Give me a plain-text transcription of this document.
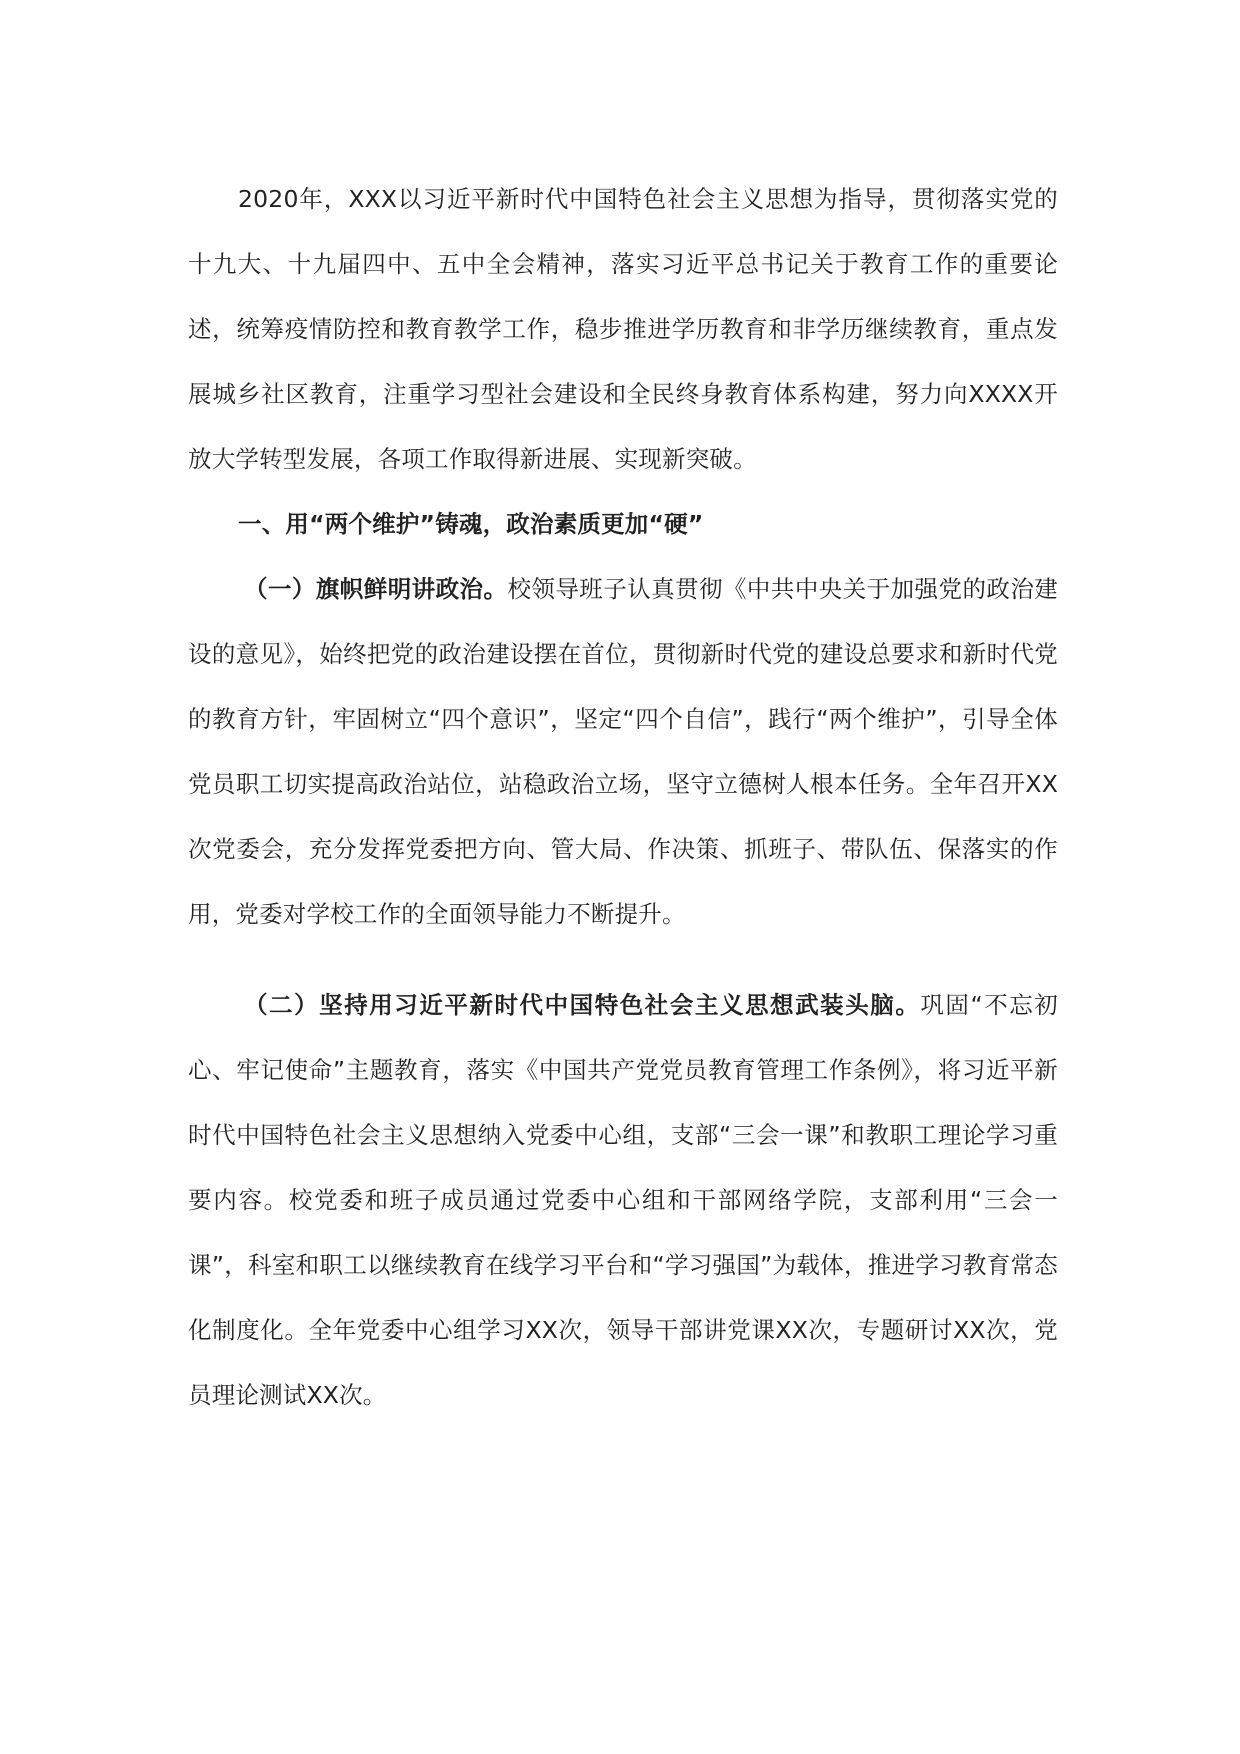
2020年，XXX以习近平新时代中国特色社会主义思想为指导，贯彻落实党的十九大、十九届四中、五中全会精神，落实习近平总书记关于教育工作的重要论述，统筹疫情防控和教育教学工作，稳步推进学历教育和非学历继续教育，重点发展城乡社区教育，注重学习型社会建设和全民终身教育体系构建，努力向XXXX开放大学转型发展，各项工作取得新进展、实现新突破。

一、用“两个维护”铸魂，政治素质更加“硬”

（一）旗帜鲜明讲政治。校领导班子认真贯彻《中共中央关于加强党的政治建设的意见》，始终把党的政治建设摆在首位，贯彻新时代党的建设总要求和新时代党的教育方针，牢固树立“四个意识”，坚定“四个自信”，践行“两个维护”，引导全体党员职工切实提高政治站位，站稳政治立场，坚守立德树人根本任务。全年召开XX次党委会，充分发挥党委把方向、管大局、作决策、抓班子、带队伍、保落实的作用，党委对学校工作的全面领导能力不断提升。

（二）坚持用习近平新时代中国特色社会主义思想武装头脑。巩固“不忘初心、牢记使命”主题教育，落实《中国共产党党员教育管理工作条例》，将习近平新时代中国特色社会主义思想纳入党委中心组，支部“三会一课”和教职工理论学习重要内容。校党委和班子成员通过党委中心组和干部网络学院，支部利用“三会一课”，科室和职工以继续教育在线学习平台和“学习强国”为载体，推进学习教育常态化制度化。全年党委中心组学习XX次，领导干部讲党课XX次，专题研讨XX次，党员理论测试XX次。
